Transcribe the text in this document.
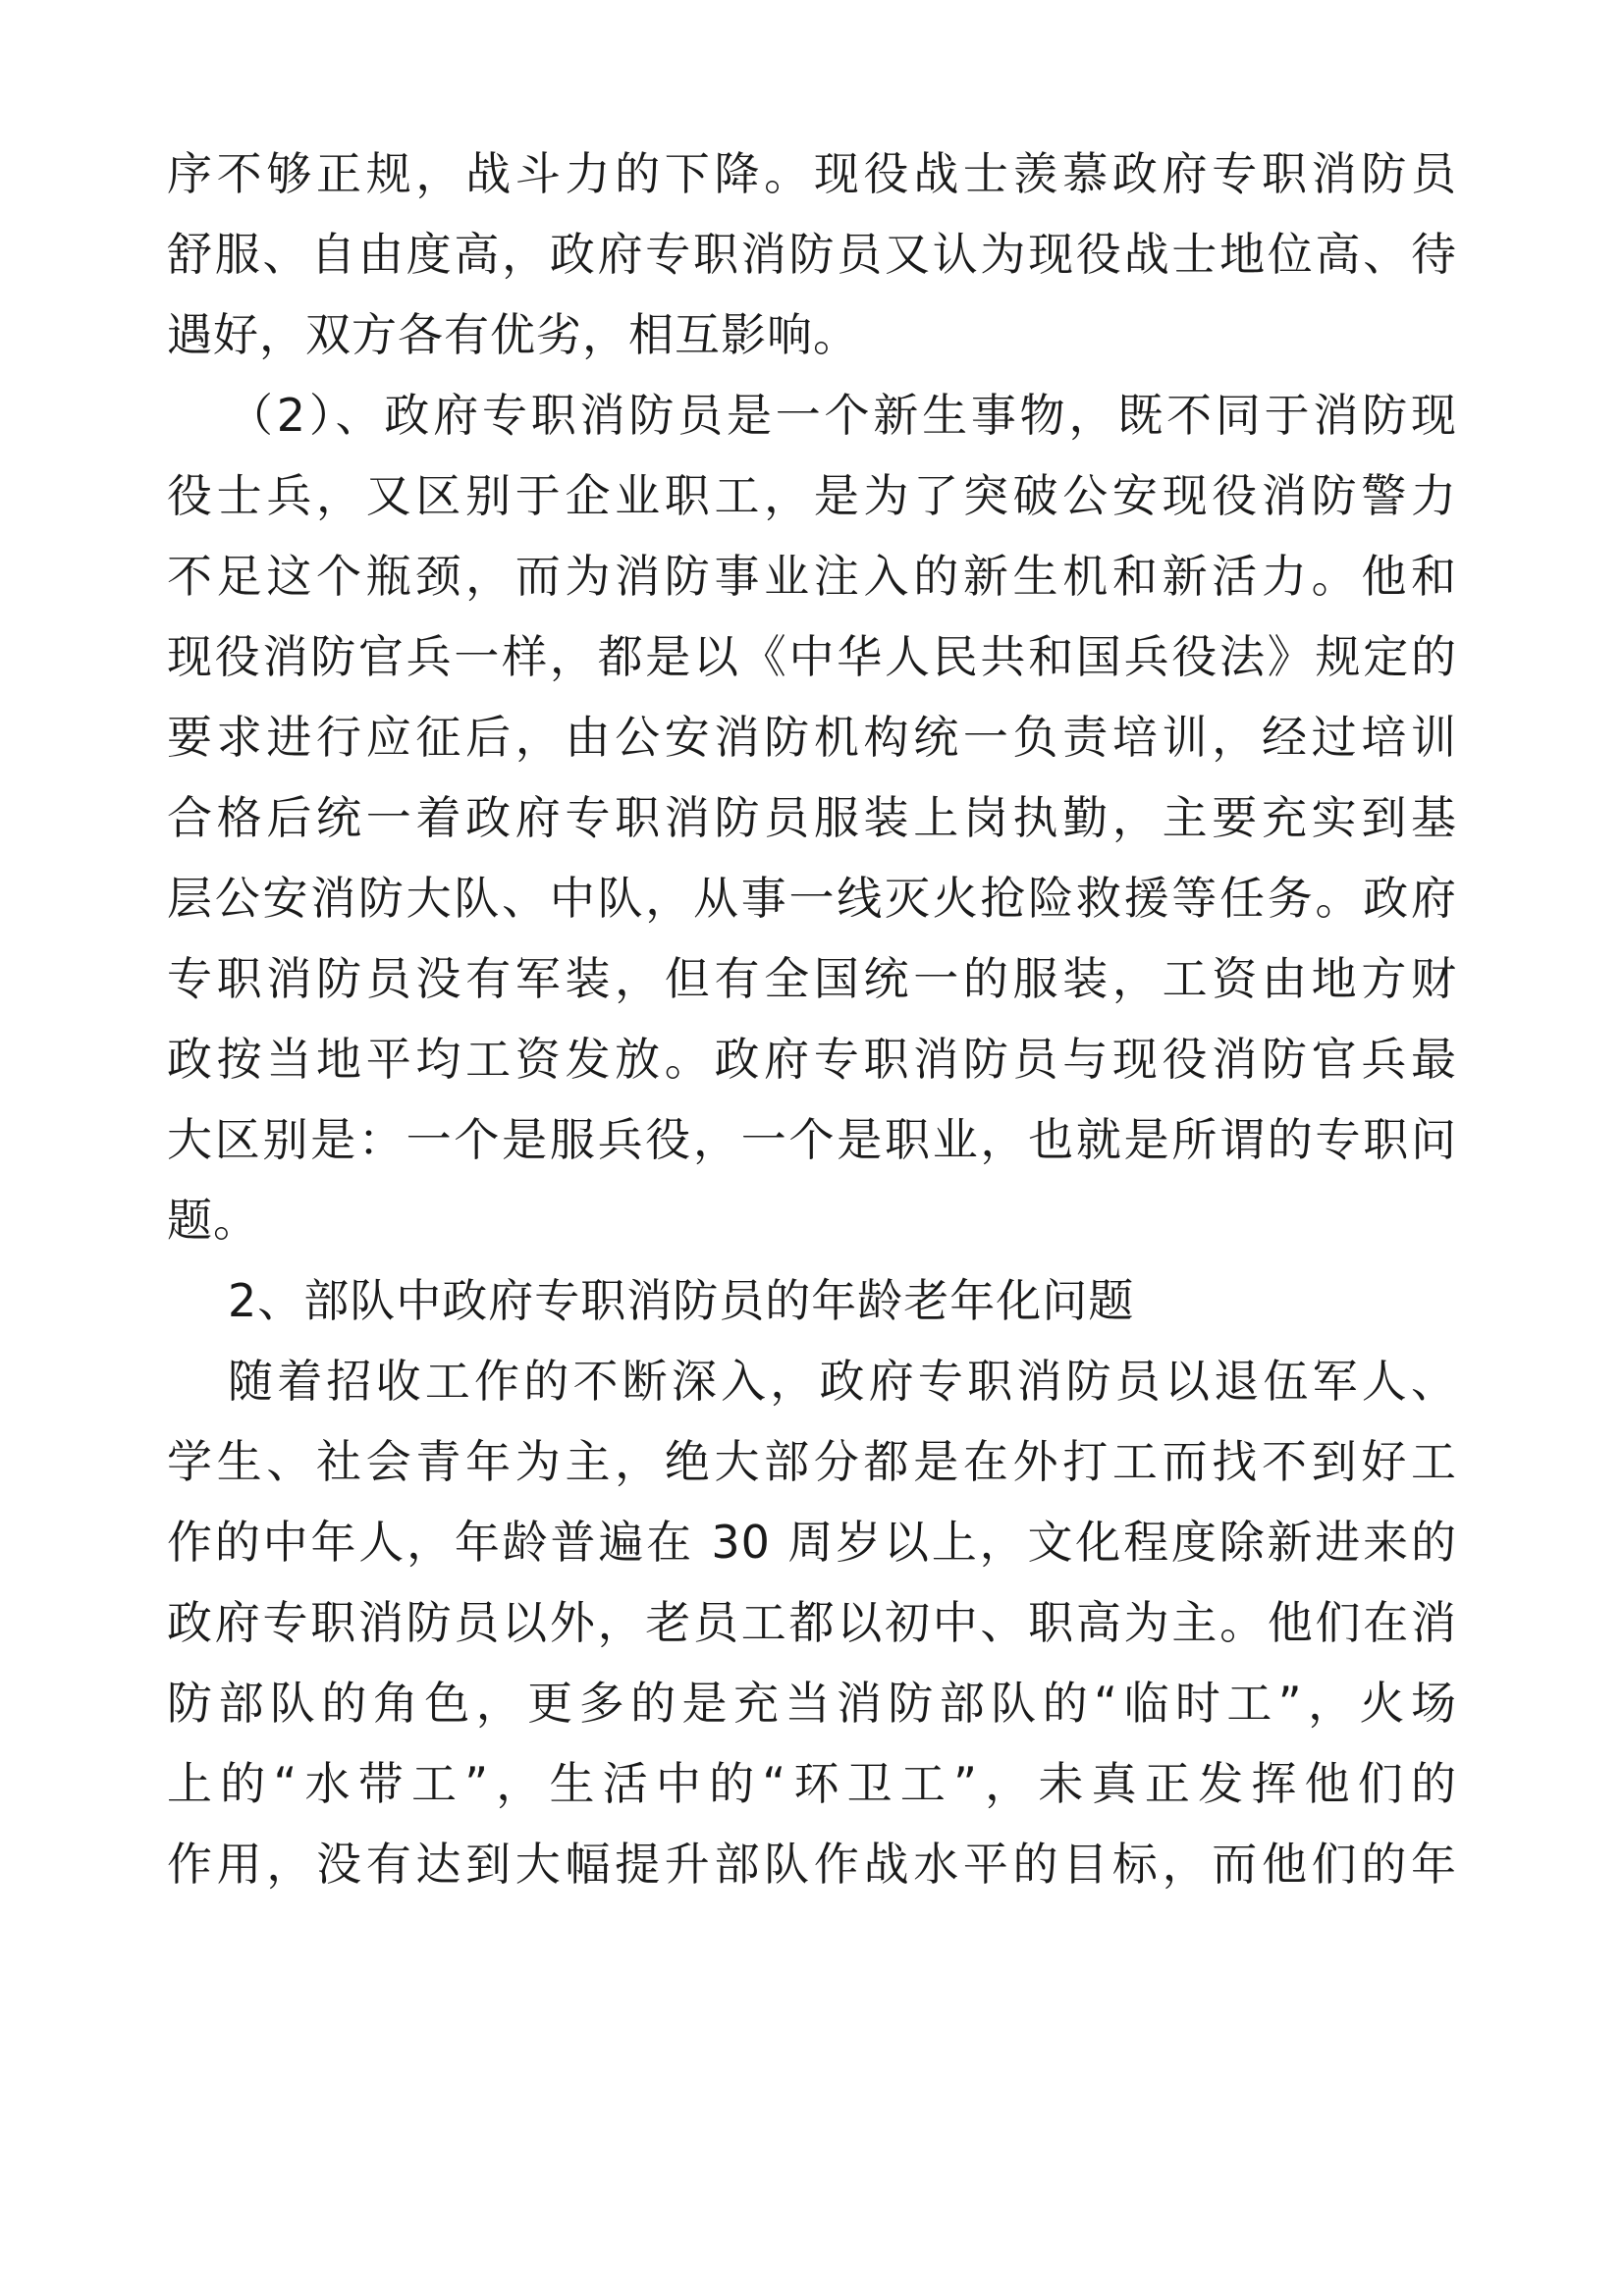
序不够正规，战斗力的下降。现役战士羡慕政府专职消防员
舒服、自由度高，政府专职消防员又认为现役战士地位高、待
遇好，双方各有优劣，相互影响。
（2）、政府专职消防员是一个新生事物，既不同于消防现
役士兵，又区别于企业职工，是为了突破公安现役消防警力
不足这个瓶颈，而为消防事业注入的新生机和新活力。他和
现役消防官兵一样，都是以《中华人民共和国兵役法》规定的
要求进行应征后，由公安消防机构统一负责培训，经过培训
合格后统一着政府专职消防员服装上岗执勤，主要充实到基
层公安消防大队、中队，从事一线灭火抢险救援等任务。政府
专职消防员没有军装，但有全国统一的服装，工资由地方财
政按当地平均工资发放。政府专职消防员与现役消防官兵最
大区别是：一个是服兵役，一个是职业，也就是所谓的专职问
题。
2、部队中政府专职消防员的年龄老年化问题
随着招收工作的不断深入，政府专职消防员以退伍军人、
学生、社会青年为主，绝大部分都是在外打工而找不到好工
作的中年人，年龄普遍在 30 周岁以上，文化程度除新进来的
政府专职消防员以外，老员工都以初中、职高为主。他们在消
防部队的角色，更多的是充当消防部队的“临时工”，火场
上的“水带工”，生活中的“环卫工”，未真正发挥他们的
作用，没有达到大幅提升部队作战水平的目标，而他们的年
